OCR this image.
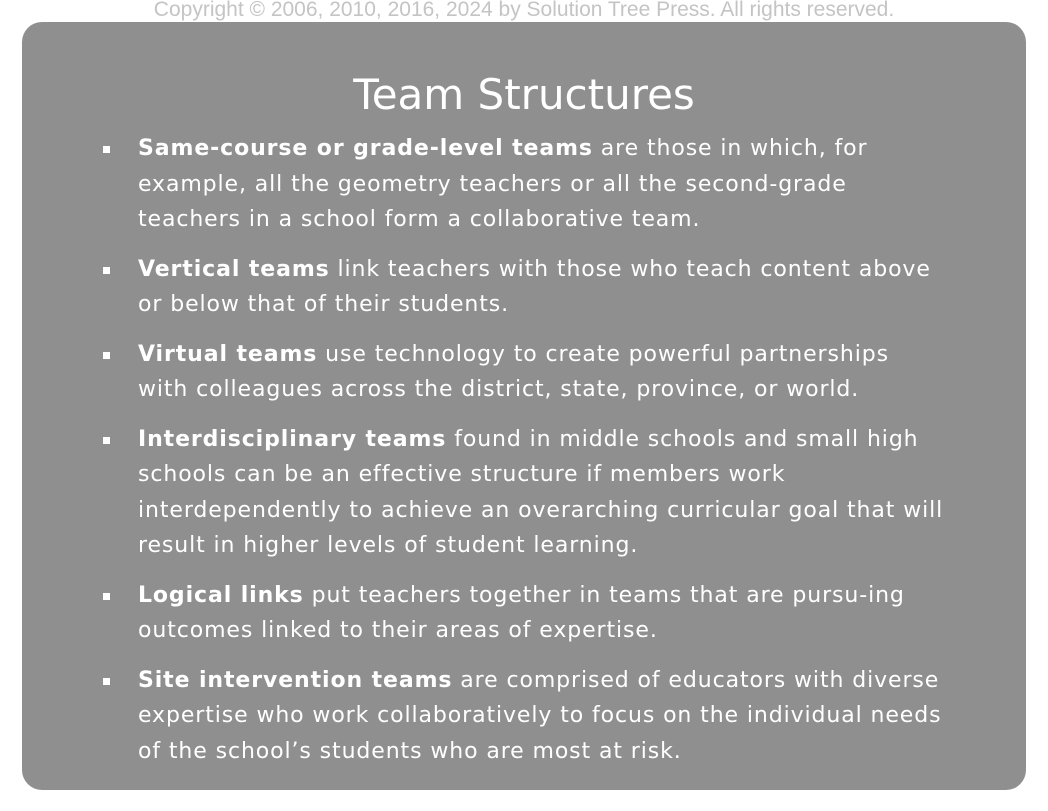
Copyright © 2006, 2010, 2016, 2024 by Solution Tree Press. All rights reserved.
Team Structures
Same-course or grade-level teams are those in which, for example, all the geometry teachers or all the second-grade teachers in a school form a collaborative team.
Vertical teams link teachers with those who teach content above or below that of their students.
Virtual teams use technology to create powerful partnerships with colleagues across the district, state, province, or world.
Interdisciplinary teams found in middle schools and small high schools can be an effective structure if members work interdependently to achieve an overarching curricular goal that will result in higher levels of student learning.
Logical links put teachers together in teams that are pursu-ing outcomes linked to their areas of expertise.
Site intervention teams are comprised of educators with diverse expertise who work collaboratively to focus on the individual needs of the school’s students who are most at risk.
